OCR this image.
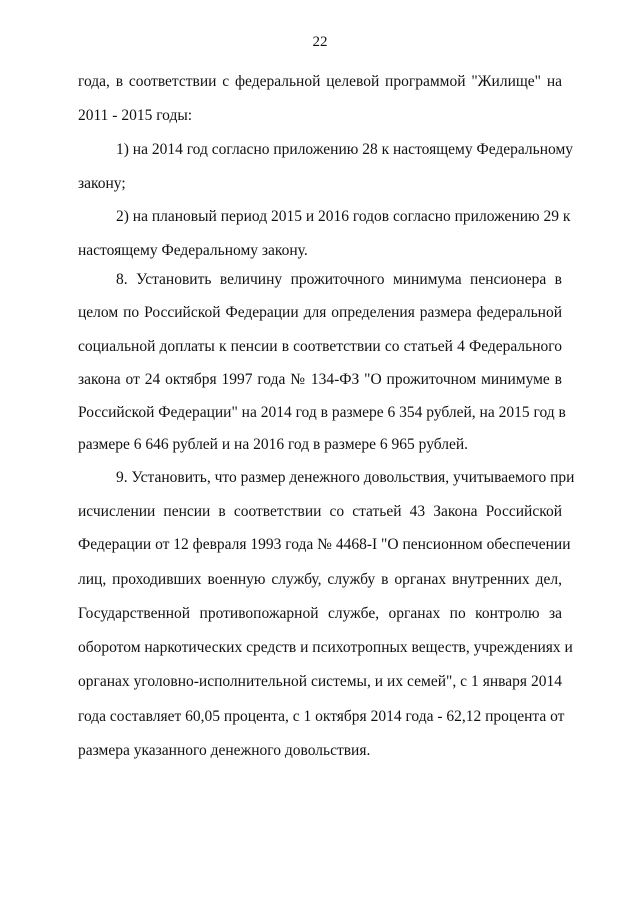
22
года, в соответствии с федеральной целевой программой "Жилище" на
2011 - 2015 годы:
1) на 2014 год согласно приложению 28 к настоящему Федеральному
закону;
2) на плановый период 2015 и 2016 годов согласно приложению 29 к
настоящему Федеральному закону.
8. Установить величину прожиточного минимума пенсионера в
целом по Российской Федерации для определения размера федеральной
социальной доплаты к пенсии в соответствии со статьей 4 Федерального
закона от 24 октября 1997 года № 134-ФЗ "О прожиточном минимуме в
Российской Федерации" на 2014 год в размере 6 354 рублей, на 2015 год в
размере 6 646 рублей и на 2016 год в размере 6 965 рублей.
9. Установить, что размер денежного довольствия, учитываемого при
исчислении пенсии в соответствии со статьей 43 Закона Российской
Федерации от 12 февраля 1993 года № 4468-I "О пенсионном обеспечении
лиц, проходивших военную службу, службу в органах внутренних дел,
Государственной противопожарной службе, органах по контролю за
оборотом наркотических средств и психотропных веществ, учреждениях и
органах уголовно-исполнительной системы, и их семей", с 1 января 2014
года составляет 60,05 процента, с 1 октября 2014 года - 62,12 процента от
размера указанного денежного довольствия.
